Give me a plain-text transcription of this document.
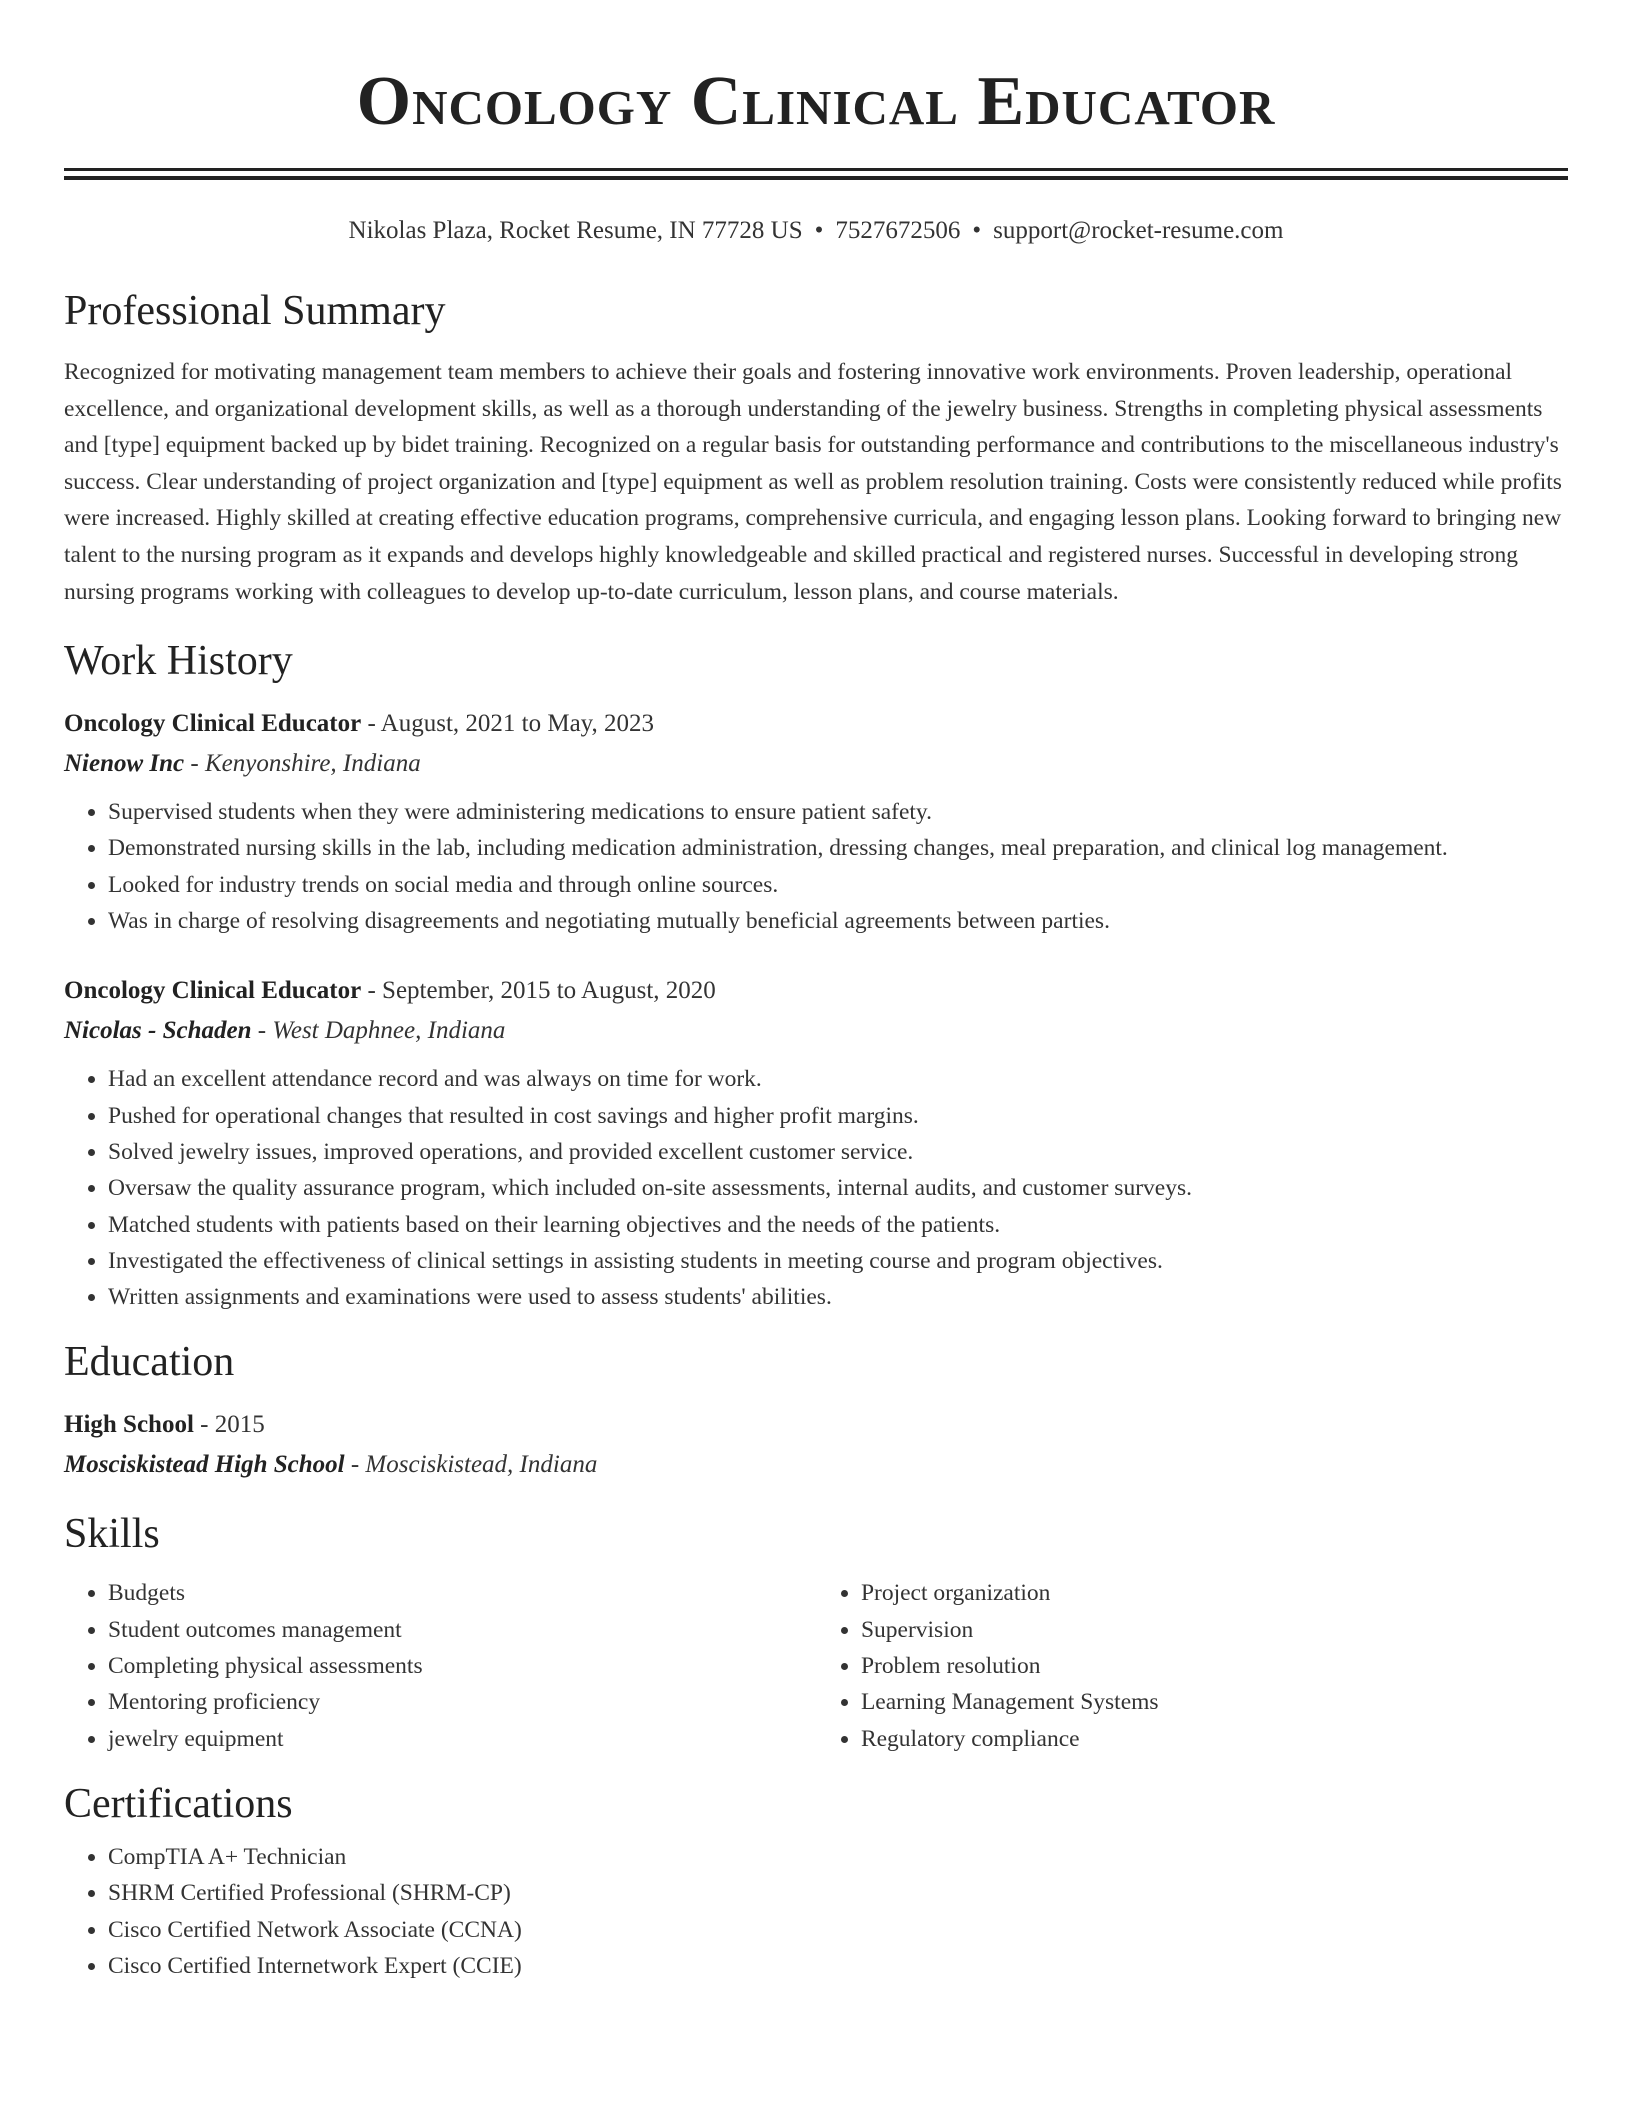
Oncology Clinical Educator
Nikolas Plaza, Rocket Resume, IN 77728 US • 7527672506 • support@rocket-resume.com
Professional Summary

Recognized for motivating management team members to achieve their goals and fostering innovative work environments. Proven leadership, operational excellence, and organizational development skills, as well as a thorough understanding of the jewelry business. Strengths in completing physical assessments and [type] equipment backed up by bidet training. Recognized on a regular basis for outstanding performance and contributions to the miscellaneous industry's success. Clear understanding of project organization and [type] equipment as well as problem resolution training. Costs were consistently reduced while profits were increased. Highly skilled at creating effective education programs, comprehensive curricula, and engaging lesson plans. Looking forward to bringing new talent to the nursing program as it expands and develops highly knowledgeable and skilled practical and registered nurses. Successful in developing strong nursing programs working with colleagues to develop up-to-date curriculum, lesson plans, and course materials.

Work History
Oncology Clinical Educator - August, 2021 to May, 2023
Nienow Inc - Kenyonshire, Indiana
• Supervised students when they were administering medications to ensure patient safety.
• Demonstrated nursing skills in the lab, including medication administration, dressing changes, meal preparation, and clinical log management.
• Looked for industry trends on social media and through online sources.
• Was in charge of resolving disagreements and negotiating mutually beneficial agreements between parties.
Oncology Clinical Educator - September, 2015 to August, 2020
Nicolas - Schaden - West Daphnee, Indiana
• Had an excellent attendance record and was always on time for work.
• Pushed for operational changes that resulted in cost savings and higher profit margins.
• Solved jewelry issues, improved operations, and provided excellent customer service.
• Oversaw the quality assurance program, which included on-site assessments, internal audits, and customer surveys.
• Matched students with patients based on their learning objectives and the needs of the patients.
• Investigated the effectiveness of clinical settings in assisting students in meeting course and program objectives.
• Written assignments and examinations were used to assess students' abilities.
Education
High School - 2015
Mosciskistead High School - Mosciskistead, Indiana
Skills
• Budgets
• Student outcomes management
• Completing physical assessments
• Mentoring proficiency
• jewelry equipment
• Project organization
• Supervision
• Problem resolution
• Learning Management Systems
• Regulatory compliance
Certifications
• CompTIA A+ Technician
• SHRM Certified Professional (SHRM-CP)
• Cisco Certified Network Associate (CCNA)
• Cisco Certified Internetwork Expert (CCIE)
